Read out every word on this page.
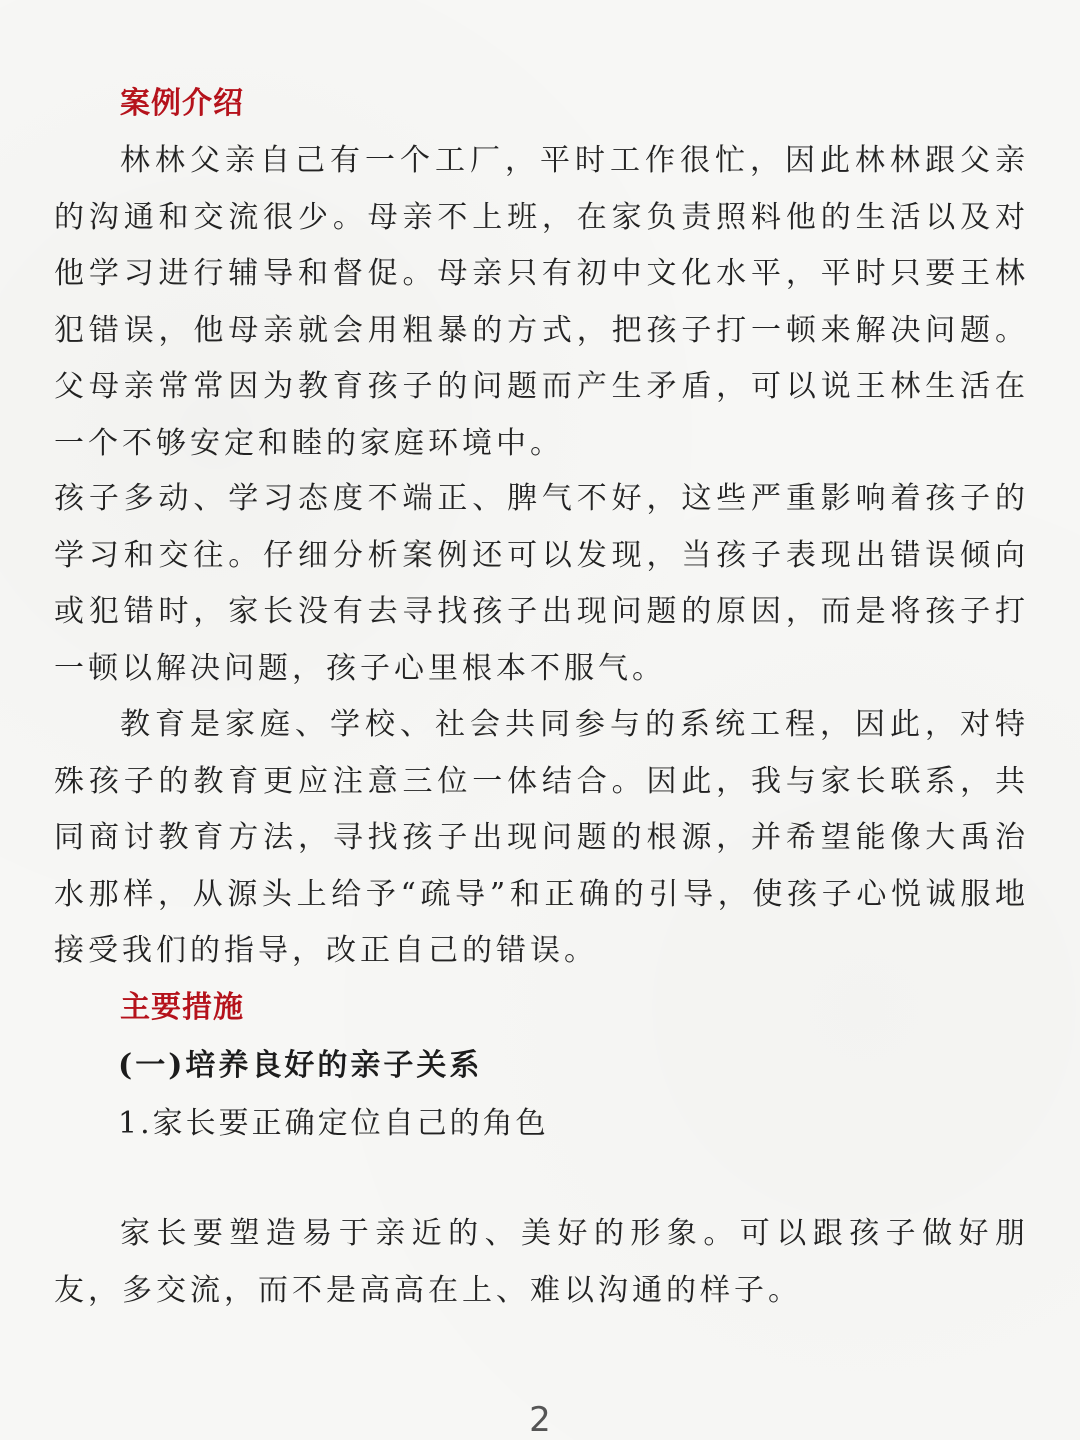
案例介绍

林林父亲自己有一个工厂，平时工作很忙，因此林林跟父亲的沟通和交流很少。母亲不上班，在家负责照料他的生活以及对他学习进行辅导和督促。母亲只有初中文化水平，平时只要王林犯错误，他母亲就会用粗暴的方式，把孩子打一顿来解决问题。父母亲常常因为教育孩子的问题而产生矛盾，可以说王林生活在一个不够安定和睦的家庭环境中。

孩子多动、学习态度不端正、脾气不好，这些严重影响着孩子的学习和交往。仔细分析案例还可以发现，当孩子表现出错误倾向或犯错时，家长没有去寻找孩子出现问题的原因，而是将孩子打一顿以解决问题，孩子心里根本不服气。

教育是家庭、学校、社会共同参与的系统工程，因此，对特殊孩子的教育更应注意三位一体结合。因此，我与家长联系，共同商讨教育方法，寻找孩子出现问题的根源，并希望能像大禹治水那样，从源头上给予“疏导”和正确的引导，使孩子心悦诚服地接受我们的指导，改正自己的错误。

主要措施
(一)培养良好的亲子关系

1.家长要正确定位自己的角色

家长要塑造易于亲近的、美好的形象。可以跟孩子做好朋友，多交流，而不是高高在上、难以沟通的样子。

2
